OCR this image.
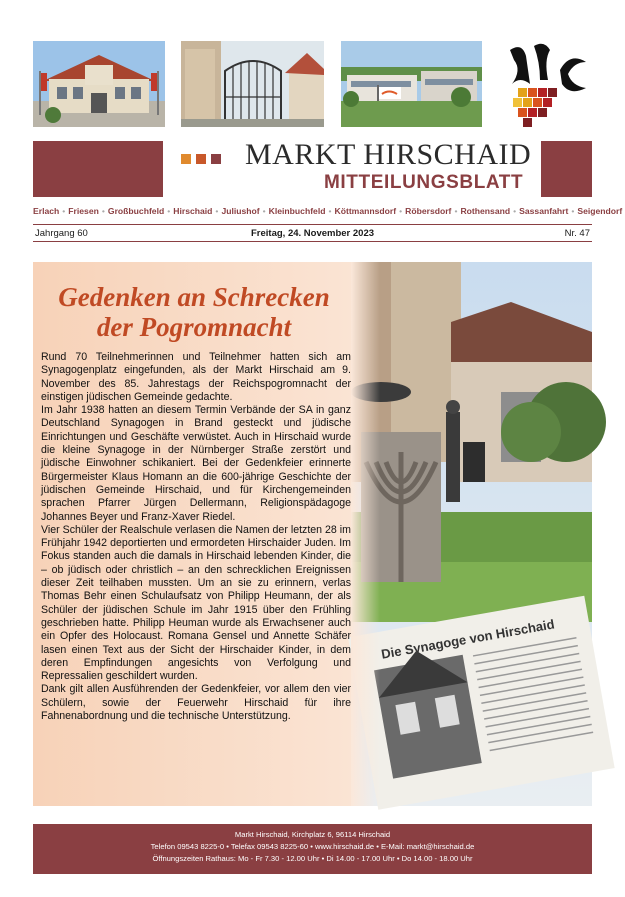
MARKT HIRSCHAID
MITTEILUNGSBLATT
Erlach • Friesen • Großbuchfeld • Hirschaid • Juliushof • Kleinbuchfeld • Köttmannsdorf • Röbersdorf • Rothensand • Sassanfahrt • Seigendorf
Jahrgang 60	Freitag, 24. November 2023	Nr. 47
Gedenken an Schrecken
der Pogromnacht

Rund 70 Teilnehmerinnen und Teilnehmer hatten sich am Synagogenplatz eingefunden, als der Markt Hirschaid am 9. November des 85. Jahrestags der Reichspogromnacht der einstigen jüdischen Gemeinde gedachte.

Im Jahr 1938 hatten an diesem Termin Verbände der SA in ganz Deutschland Synagogen in Brand gesteckt und jüdische Einrichtungen und Geschäfte verwüstet. Auch in Hirschaid wurde die kleine Synagoge in der Nürnberger Straße zerstört und jüdische Einwohner schikaniert. Bei der Gedenkfeier erinnerte Bürgermeister Klaus Homann an die 600-jährige Geschichte der jüdischen Gemeinde Hirschaid, und für Kirchengemeinden sprachen Pfarrer Jürgen Dellermann, Religionspädagoge Johannes Beyer und Franz-Xaver Riedel.

Vier Schüler der Realschule verlasen die Namen der letzten 28 im Frühjahr 1942 deportierten und ermordeten Hirschaider Juden. Im Fokus standen auch die damals in Hirschaid lebenden Kinder, die – ob jüdisch oder christlich – an den schrecklichen Ereignissen dieser Zeit teilhaben mussten. Um an sie zu erinnern, verlas Thomas Behr einen Schulaufsatz von Philipp Heumann, der als Schüler der jüdischen Schule im Jahr 1915 über den Frühling geschrieben hatte. Philipp Heuman wurde als Erwachsener auch ein Opfer des Holocaust. Romana Gensel und Annette Schäfer lasen einen Text aus der Sicht der Hirschaider Kinder, in dem deren Empfindungen angesichts von Verfolgung und Repressalien geschildert wurden.

Dank gilt allen Ausführenden der Gedenkfeier, vor allem den vier Schülern, sowie der Feuerwehr Hirschaid für ihre Fahnenabordnung und die technische Unterstützung.

Markt Hirschaid, Kirchplatz 6, 96114 Hirschaid
Telefon 09543 8225-0 • Telefax 09543 8225-60 • www.hirschaid.de • E-Mail: markt@hirschaid.de
Öffnungszeiten Rathaus: Mo - Fr 7.30 - 12.00 Uhr • Di 14.00 - 17.00 Uhr • Do 14.00 - 18.00 Uhr
